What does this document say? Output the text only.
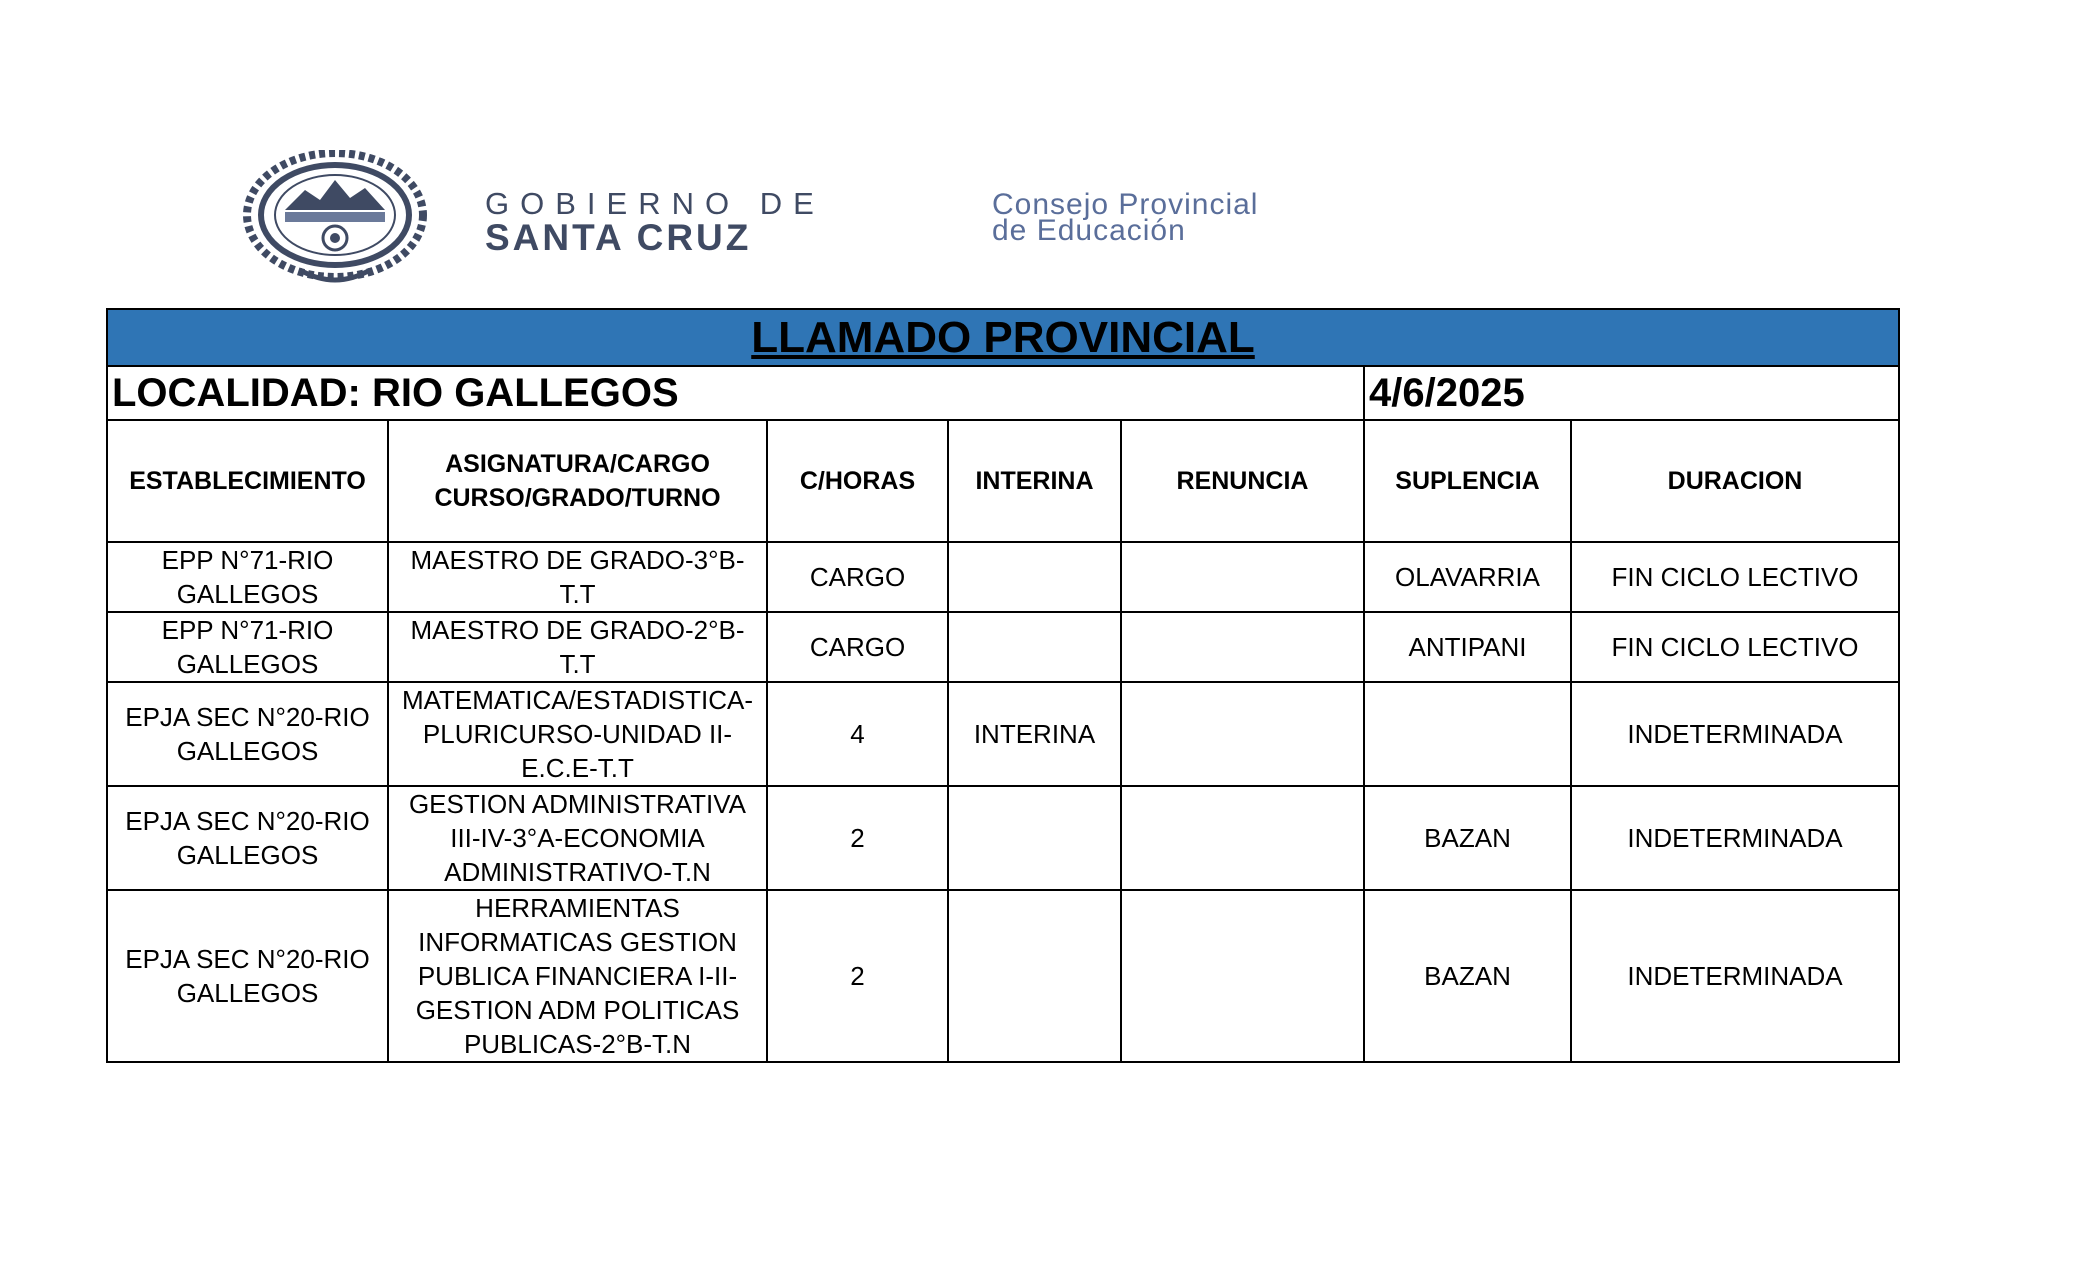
GOBIERNO DE
SANTA CRUZ
Consejo Provincial
de Educación
LLAMADO PROVINCIAL						
LOCALIDAD: RIO GALLEGOS					4/6/2025	
ESTABLECIMIENTO	ASIGNATURA/CARGO CURSO/GRADO/TURNO	C/HORAS	INTERINA	RENUNCIA	SUPLENCIA	DURACION
EPP N°71-RIO GALLEGOS	MAESTRO DE GRADO-3°B-T.T	CARGO			OLAVARRIA	FIN CICLO LECTIVO
EPP N°71-RIO GALLEGOS	MAESTRO DE GRADO-2°B-T.T	CARGO			ANTIPANI	FIN CICLO LECTIVO
EPJA SEC N°20-RIO GALLEGOS	MATEMATICA/ESTADISTICA-PLURICURSO-UNIDAD II-E.C.E-T.T	4	INTERINA			INDETERMINADA
EPJA SEC N°20-RIO GALLEGOS	GESTION ADMINISTRATIVA III-IV-3°A-ECONOMIA ADMINISTRATIVO-T.N	2			BAZAN	INDETERMINADA
EPJA SEC N°20-RIO GALLEGOS	HERRAMIENTAS INFORMATICAS GESTION PUBLICA FINANCIERA I-II-GESTION ADM POLITICAS PUBLICAS-2°B-T.N	2			BAZAN	INDETERMINADA
